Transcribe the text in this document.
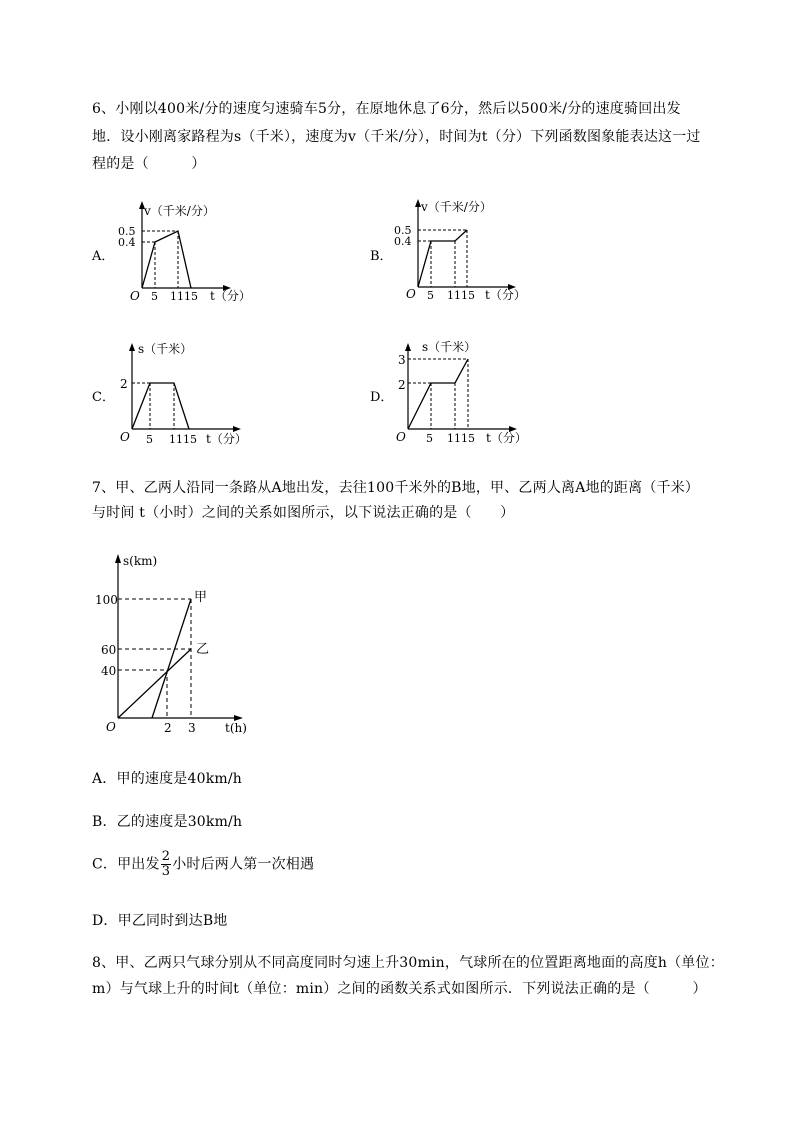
6、小刚以400米/分的速度匀速骑车5分，在原地休息了6分，然后以500米/分的速度骑回出发
地．设小刚离家路程为s（千米），速度为v（千米/分），时间为t（分）下列函数图象能表达这一过
程的是（　　　）
A．
v（千米/分）
0.5
0.4
O 5 1115 t（分）
B．
v（千米/分）
0.5
0.4
O 5 1115 t（分）
C．
s（千米）
2
O 5 1115 t（分）
D．
s（千米）
3
2
O 5 1115 t（分）
7、甲、乙两人沿同一条路从A地出发，去往100千米外的B地，甲、乙两人离A地的距离（千米）
与时间 t（小时）之间的关系如图所示，以下说法正确的是（　　）
s(km)
100
60
40
甲
乙
O	2 3 t(h)
A．甲的速度是40km/h
B．乙的速度是30km/h
C．甲出发 $\frac{2}{3}$ 小时后两人第一次相遇
D．甲乙同时到达B地
8、甲、乙两只气球分别从不同高度同时匀速上升30min，气球所在的位置距离地面的高度h（单位：
m）与气球上升的时间t（单位：min）之间的函数关系式如图所示．下列说法正确的是（　　　）
